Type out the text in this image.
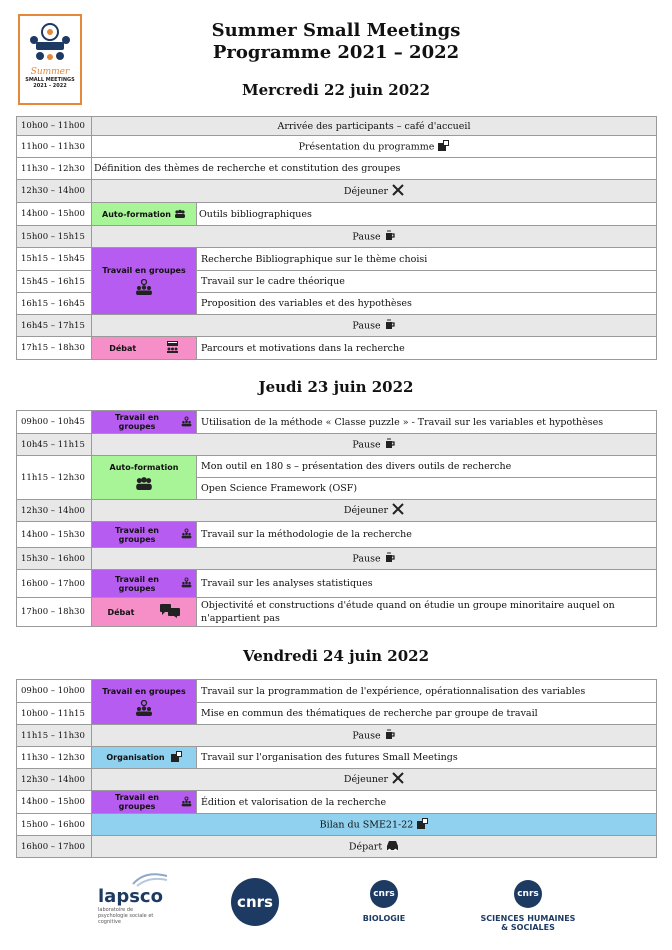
Summer
SMALL MEETINGS
2021 - 2022
Summer Small Meetings
Programme 2021 – 2022
Mercredi 22 juin 2022
10h00 – 11h00	Arrivée des participants – café d'accueil	
11h00 – 11h30	Présentation du programme	
11h30 – 12h30	Définition des thèmes de recherche et constitution des groupes	
12h30 – 14h00	Déjeuner	
14h00 – 15h00	Auto-formation	Outils bibliographiques
15h00 – 15h15	Pause	
15h15 – 15h45	Travail en groupes	Recherche Bibliographique sur le thème choisi
15h45 – 16h15		Travail sur le cadre théorique
16h15 – 16h45		Proposition des variables et des hypothèses
16h45 – 17h15	Pause	
17h15 – 18h30	Débat	Parcours et motivations dans la recherche
Jeudi 23 juin 2022
09h00 – 10h45	Travail en groupes	Utilisation de la méthode « Classe puzzle » - Travail sur les variables et hypothèses
10h45 – 11h15	Pause	
11h15 – 12h30	Auto-formation	Mon outil en 180 s – présentation des divers outils de recherche
		Open Science Framework (OSF)
12h30 – 14h00	Déjeuner	
14h00 – 15h30	Travail en groupes	Travail sur la méthodologie de la recherche
15h30 – 16h00	Pause	
16h00 – 17h00	Travail en groupes	Travail sur les analyses statistiques
17h00 – 18h30	Débat	Objectivité et constructions d'étude quand on étudie un groupe minoritaire auquel on n'appartient pas
Vendredi 24 juin 2022
09h00 – 10h00	Travail en groupes	Travail sur la programmation de l'expérience, opérationnalisation des variables
10h00 – 11h15		Mise en commun des thématiques de recherche par groupe de travail
11h15 – 11h30	Pause	
11h30 – 12h30	Organisation	Travail sur l'organisation des futures Small Meetings
12h30 – 14h00	Déjeuner	
14h00 – 15h00	Travail en groupes	Édition et valorisation de la recherche
15h00 – 16h00	Bilan du SME21-22	
16h00 – 17h00	Départ	
lapsco
laboratoire de psychologie sociale et cognitive
cnrs	cnrs
BIOLOGIE
cnrs
SCIENCES HUMAINES
& SOCIALES
